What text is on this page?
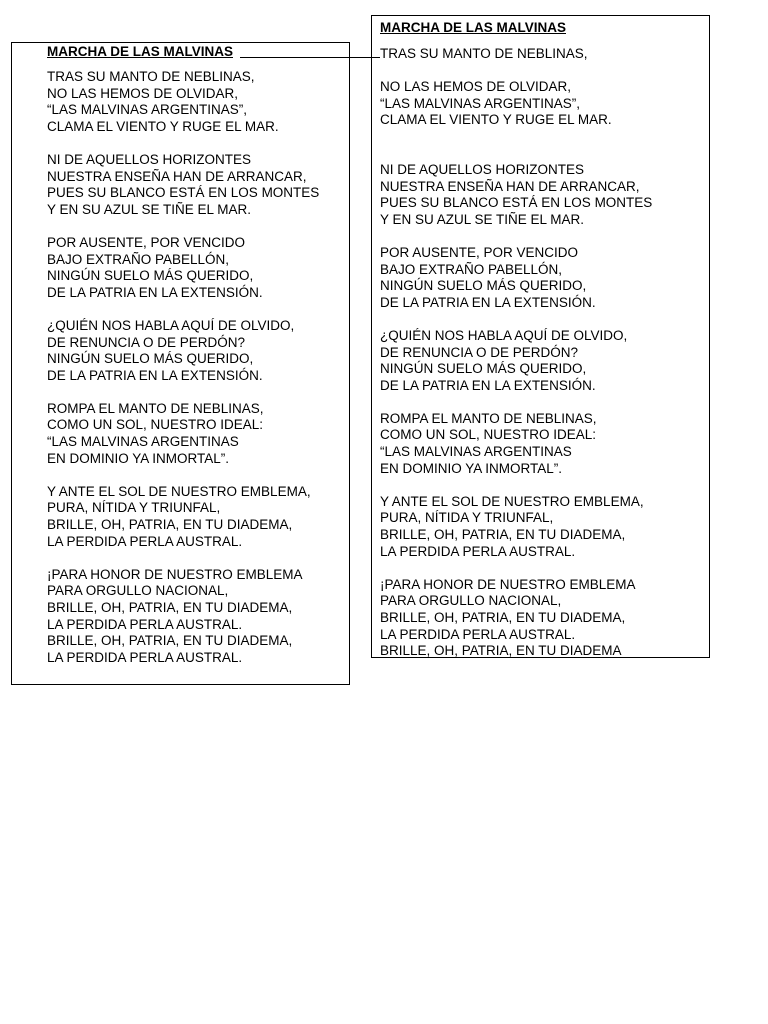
MARCHA DE LAS MALVINAS
TRAS SU MANTO DE NEBLINAS,
NO LAS HEMOS DE OLVIDAR,
“LAS MALVINAS ARGENTINAS”,
CLAMA EL VIENTO Y RUGE EL MAR.
NI DE AQUELLOS HORIZONTES
NUESTRA ENSEÑA HAN DE ARRANCAR,
PUES SU BLANCO ESTÁ EN LOS MONTES
Y EN SU AZUL SE TIÑE EL MAR.
POR AUSENTE, POR VENCIDO
BAJO EXTRAÑO PABELLÓN,
NINGÚN SUELO MÁS QUERIDO,
DE LA PATRIA EN LA EXTENSIÓN.
¿QUIÉN NOS HABLA AQUÍ DE OLVIDO,
DE RENUNCIA O DE PERDÓN?
NINGÚN SUELO MÁS QUERIDO,
DE LA PATRIA EN LA EXTENSIÓN.
ROMPA EL MANTO DE NEBLINAS,
COMO UN SOL, NUESTRO IDEAL:
“LAS MALVINAS ARGENTINAS
EN DOMINIO YA INMORTAL”.
Y ANTE EL SOL DE NUESTRO EMBLEMA,
PURA, NÍTIDA Y TRIUNFAL,
BRILLE, OH, PATRIA, EN TU DIADEMA,
LA PERDIDA PERLA AUSTRAL.
¡PARA HONOR DE NUESTRO EMBLEMA
PARA ORGULLO NACIONAL,
BRILLE, OH, PATRIA, EN TU DIADEMA,
LA PERDIDA PERLA AUSTRAL.
BRILLE, OH, PATRIA, EN TU DIADEMA,
LA PERDIDA PERLA AUSTRAL.
MARCHA DE LAS MALVINAS
TRAS SU MANTO DE NEBLINAS,
NO LAS HEMOS DE OLVIDAR,
“LAS MALVINAS ARGENTINAS”,
CLAMA EL VIENTO Y RUGE EL MAR.
NI DE AQUELLOS HORIZONTES
NUESTRA ENSEÑA HAN DE ARRANCAR,
PUES SU BLANCO ESTÁ EN LOS MONTES
Y EN SU AZUL SE TIÑE EL MAR.
POR AUSENTE, POR VENCIDO
BAJO EXTRAÑO PABELLÓN,
NINGÚN SUELO MÁS QUERIDO,
DE LA PATRIA EN LA EXTENSIÓN.
¿QUIÉN NOS HABLA AQUÍ DE OLVIDO,
DE RENUNCIA O DE PERDÓN?
NINGÚN SUELO MÁS QUERIDO,
DE LA PATRIA EN LA EXTENSIÓN.
ROMPA EL MANTO DE NEBLINAS,
COMO UN SOL, NUESTRO IDEAL:
“LAS MALVINAS ARGENTINAS
EN DOMINIO YA INMORTAL”.
Y ANTE EL SOL DE NUESTRO EMBLEMA,
PURA, NÍTIDA Y TRIUNFAL,
BRILLE, OH, PATRIA, EN TU DIADEMA,
LA PERDIDA PERLA AUSTRAL.
¡PARA HONOR DE NUESTRO EMBLEMA
PARA ORGULLO NACIONAL,
BRILLE, OH, PATRIA, EN TU DIADEMA,
LA PERDIDA PERLA AUSTRAL.
BRILLE, OH, PATRIA, EN TU DIADEMA
